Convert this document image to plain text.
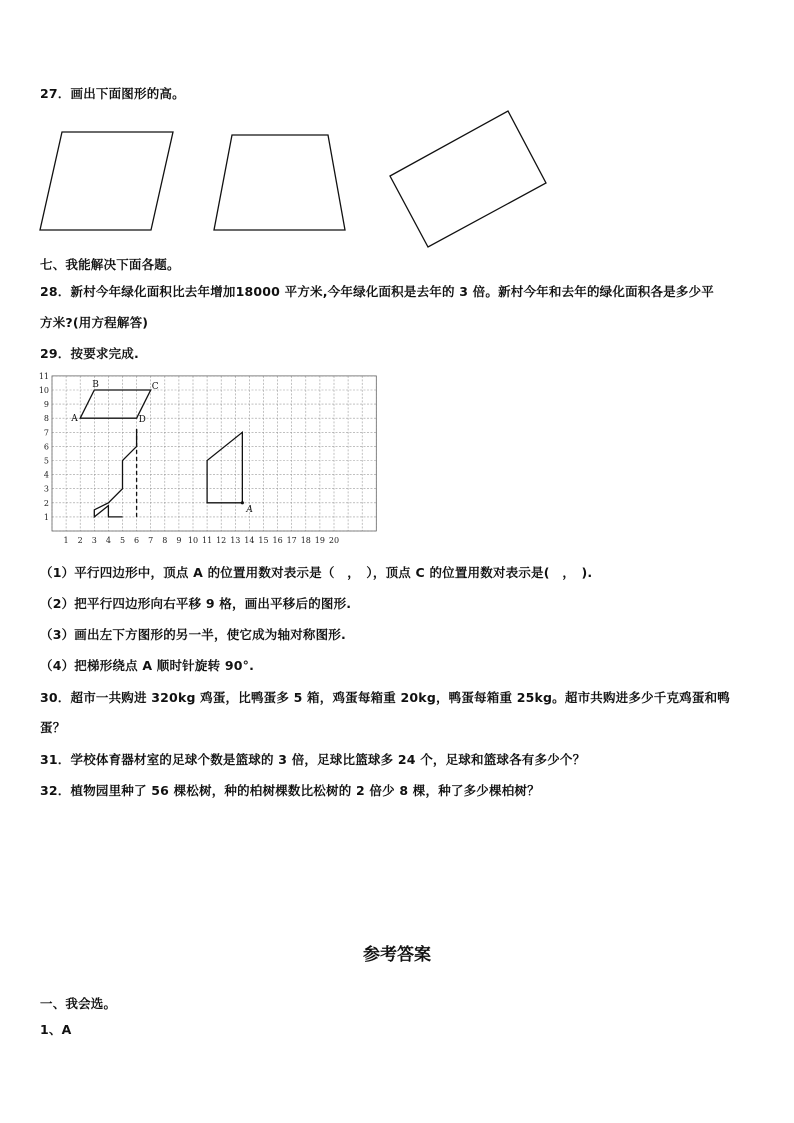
27．画出下面图形的高。
1 2 3 4 5 6 7 8 9 10 11 12 13 14 15 16 17 18 19 20
1
2
3
4
5
6
7
8
9
10
11
A
B	C
D
A
七、我能解决下面各题。
28．新村今年绿化面积比去年增加18000 平方米,今年绿化面积是去年的 3 倍。新村今年和去年的绿化面积各是多少平
方米?(用方程解答)
29．按要求完成.
（1）平行四边形中，顶点 A 的位置用数对表示是（　，　），顶点 C 的位置用数对表示是(　，　).
（2）把平行四边形向右平移 9 格，画出平移后的图形.
（3）画出左下方图形的另一半，使它成为轴对称图形.
（4）把梯形绕点 A 顺时针旋转 90°.
30．超市一共购进 320kg 鸡蛋，比鸭蛋多 5 箱，鸡蛋每箱重 20kg，鸭蛋每箱重 25kg。超市共购进多少千克鸡蛋和鸭
蛋？
31．学校体育器材室的足球个数是篮球的 3 倍，足球比篮球多 24 个，足球和篮球各有多少个？
32．植物园里种了 56 棵松树，种的柏树棵数比松树的 2 倍少 8 棵，种了多少棵柏树？
参考答案
一、我会选。
1、A
